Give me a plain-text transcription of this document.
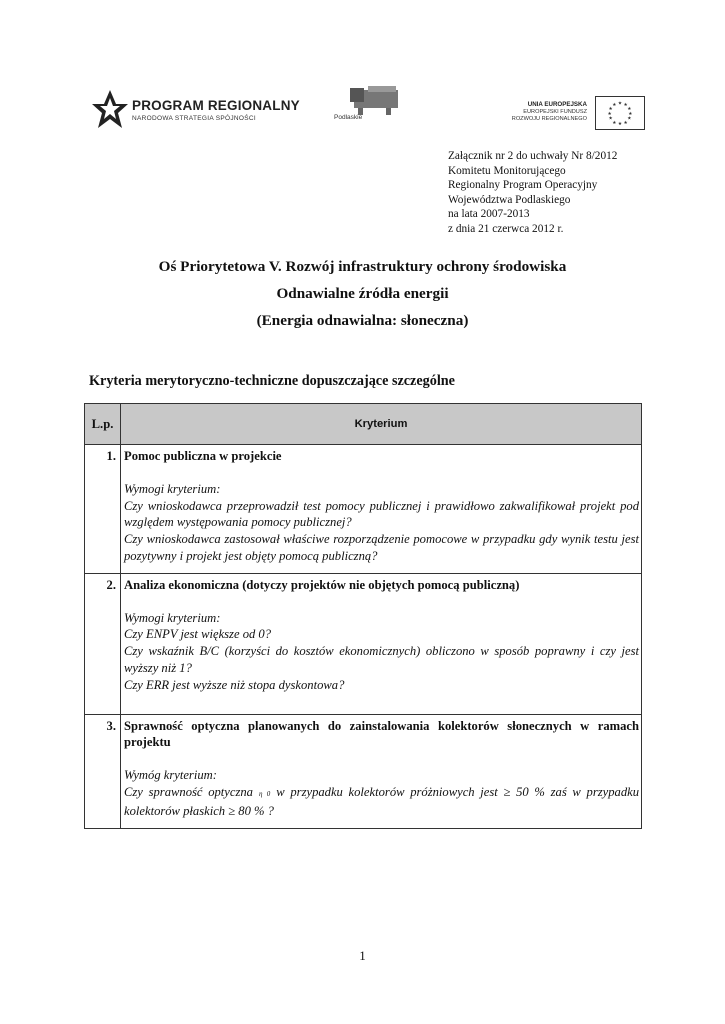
PROGRAM REGIONALNY
NARODOWA STRATEGIA SPÓJNOŚCI	Podlaskie
UNIA EUROPEJSKA
EUROPEJSKI FUNDUSZ
ROZWOJU REGIONALNEGO
★ ★
★
★
★
★
★
★
★
★
★
★
Załącznik nr 2 do uchwały Nr 8/2012
Komitetu Monitorującego
Regionalny Program Operacyjny
Województwa Podlaskiego
na lata 2007-2013
z dnia 21 czerwca 2012 r.
Oś Priorytetowa V. Rozwój infrastruktury ochrony środowiska
Odnawialne źródła energii
(Energia odnawialna: słoneczna)
Kryteria merytoryczno-techniczne dopuszczające szczególne
L.p.	Kryterium
1.	Pomoc publiczna w projekcie
Wymogi kryterium:
Czy wnioskodawca przeprowadził test pomocy publicznej i prawidłowo zakwalifikował projekt pod względem występowania pomocy publicznej?
Czy wnioskodawca zastosował właściwe rozporządzenie pomocowe w przypadku gdy wynik testu jest pozytywny i projekt jest objęty pomocą publiczną?

2.	Analiza ekonomiczna (dotyczy projektów nie objętych pomocą publiczną)
Wymogi kryterium:
Czy ENPV jest większe od 0?
Czy wskaźnik B/C (korzyści do kosztów ekonomicznych) obliczono w sposób poprawny i czy jest wyższy niż 1?
Czy ERR jest wyższe niż stopa dyskontowa?

3.	Sprawność optyczna planowanych do zainstalowania kolektorów słonecznych w ramach projektu
Wymóg kryterium:
Czy sprawność optyczna η 0 w przypadku kolektorów próżniowych jest ≥ 50 % zaś w przypadku kolektorów płaskich ≥ 80 % ?
1
